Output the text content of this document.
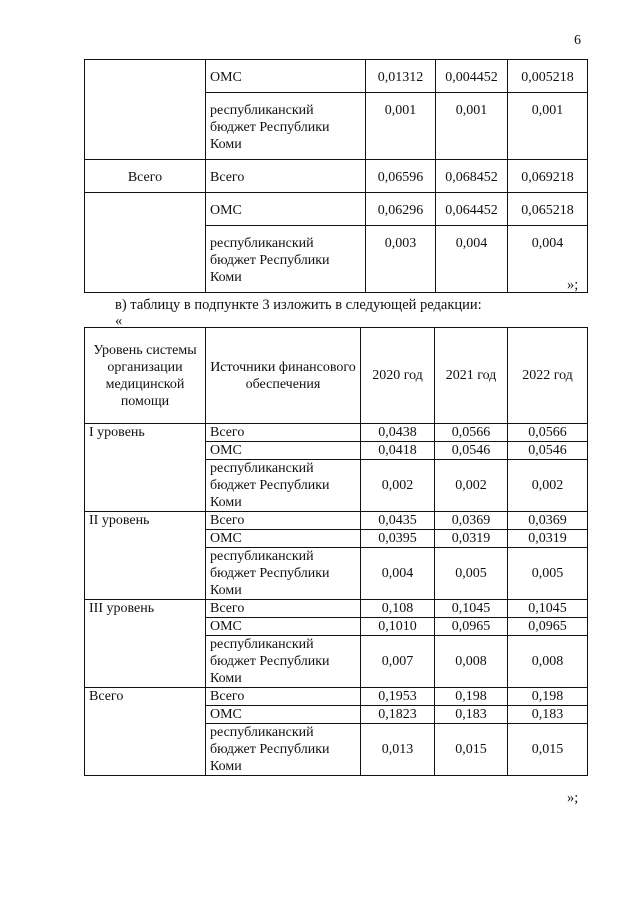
6
	ОМС	0,01312	0,004452	0,005218
	республиканский бюджет Республики Коми	0,001	0,001	0,001
Всего	Всего	0,06596	0,068452	0,069218
	ОМС	0,06296	0,064452	0,065218
	республиканский бюджет Республики Коми	0,003	0,004	0,004
»;
в) таблицу в подпункте 3 изложить в следующей редакции:
«
Уровень системы организации медицинской помощи	Источники финансового обеспечения	2020 год	2021 год	2022 год
I уровень	Всего	0,0438	0,0566	0,0566
	ОМС	0,0418	0,0546	0,0546
	республиканский бюджет Республики Коми	0,002	0,002	0,002
II уровень	Всего	0,0435	0,0369	0,0369
	ОМС	0,0395	0,0319	0,0319
	республиканский бюджет Республики Коми	0,004	0,005	0,005
III уровень	Всего	0,108	0,1045	0,1045
	ОМС	0,1010	0,0965	0,0965
	республиканский бюджет Республики Коми	0,007	0,008	0,008
Всего	Всего	0,1953	0,198	0,198
	ОМС	0,1823	0,183	0,183
	республиканский бюджет Республики Коми	0,013	0,015	0,015
»;
